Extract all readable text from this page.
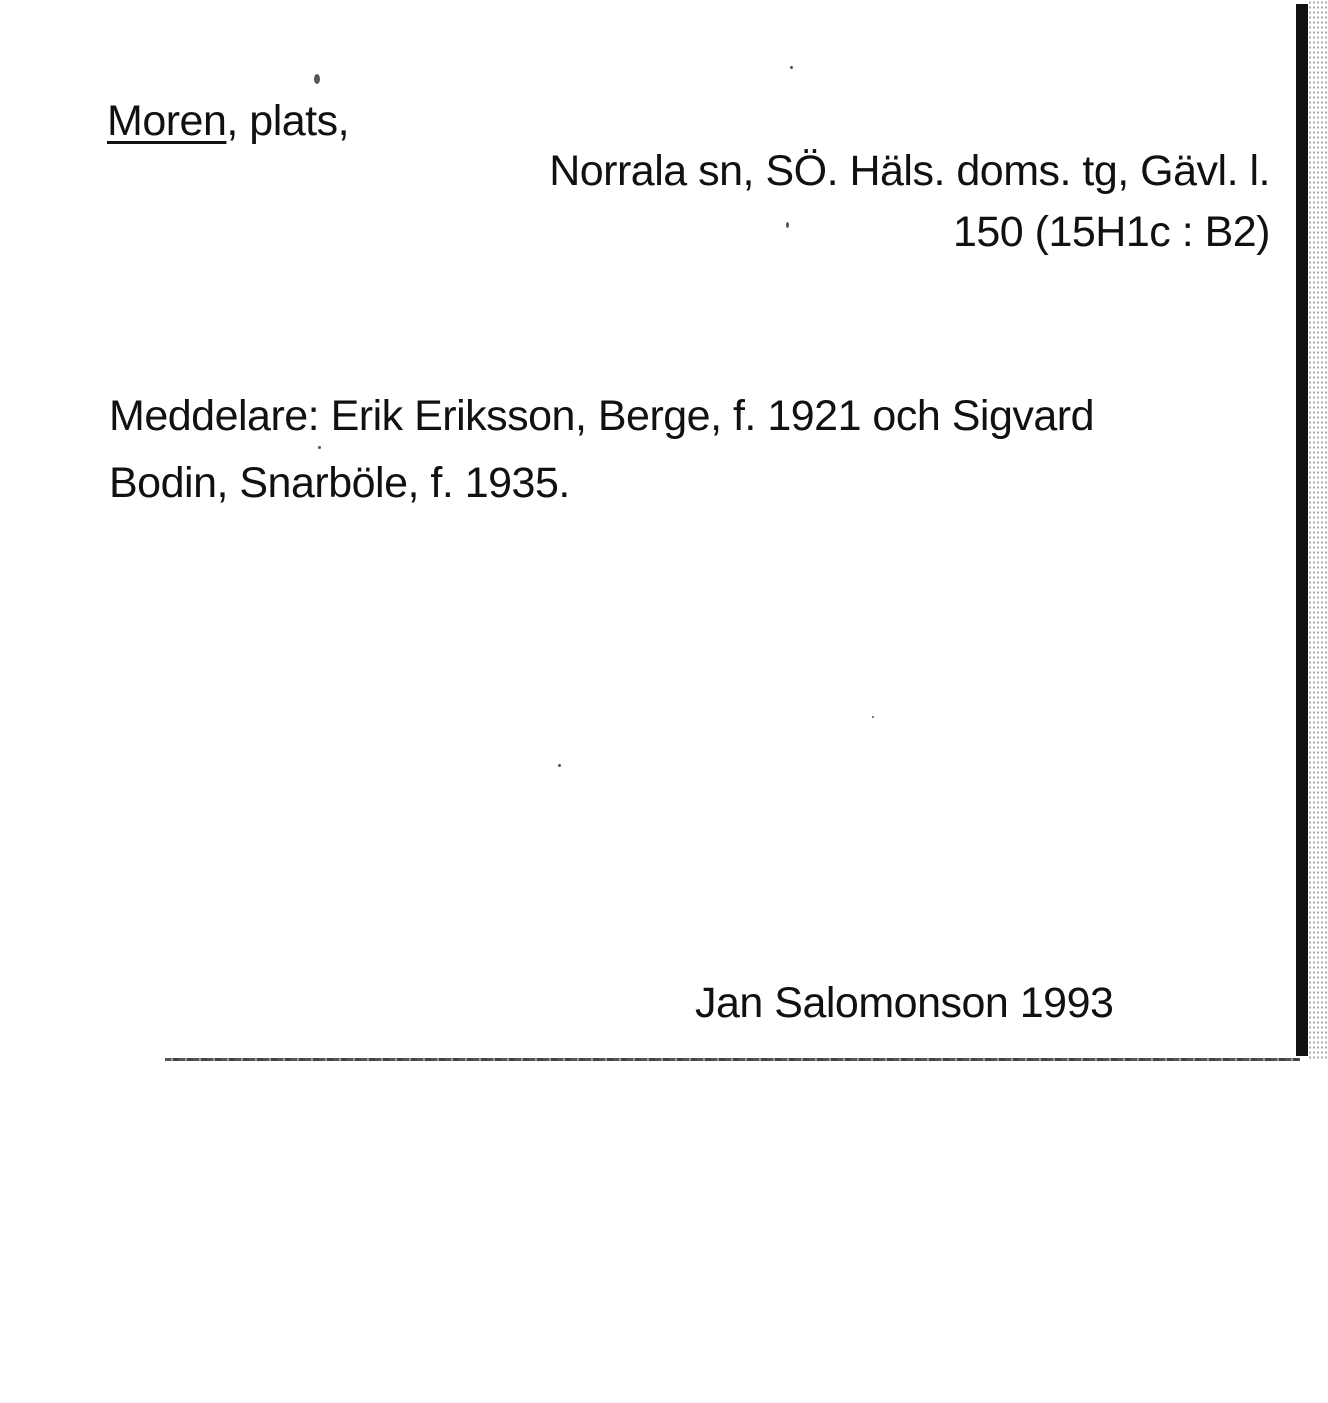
Moren, plats,
Norrala sn, SÖ. Häls. doms. tg, Gävl. l.
150 (15H1c : B2)
Meddelare: Erik Eriksson, Berge, f. 1921 och Sigvard
Bodin, Snarböle, f. 1935.
Jan Salomonson 1993
